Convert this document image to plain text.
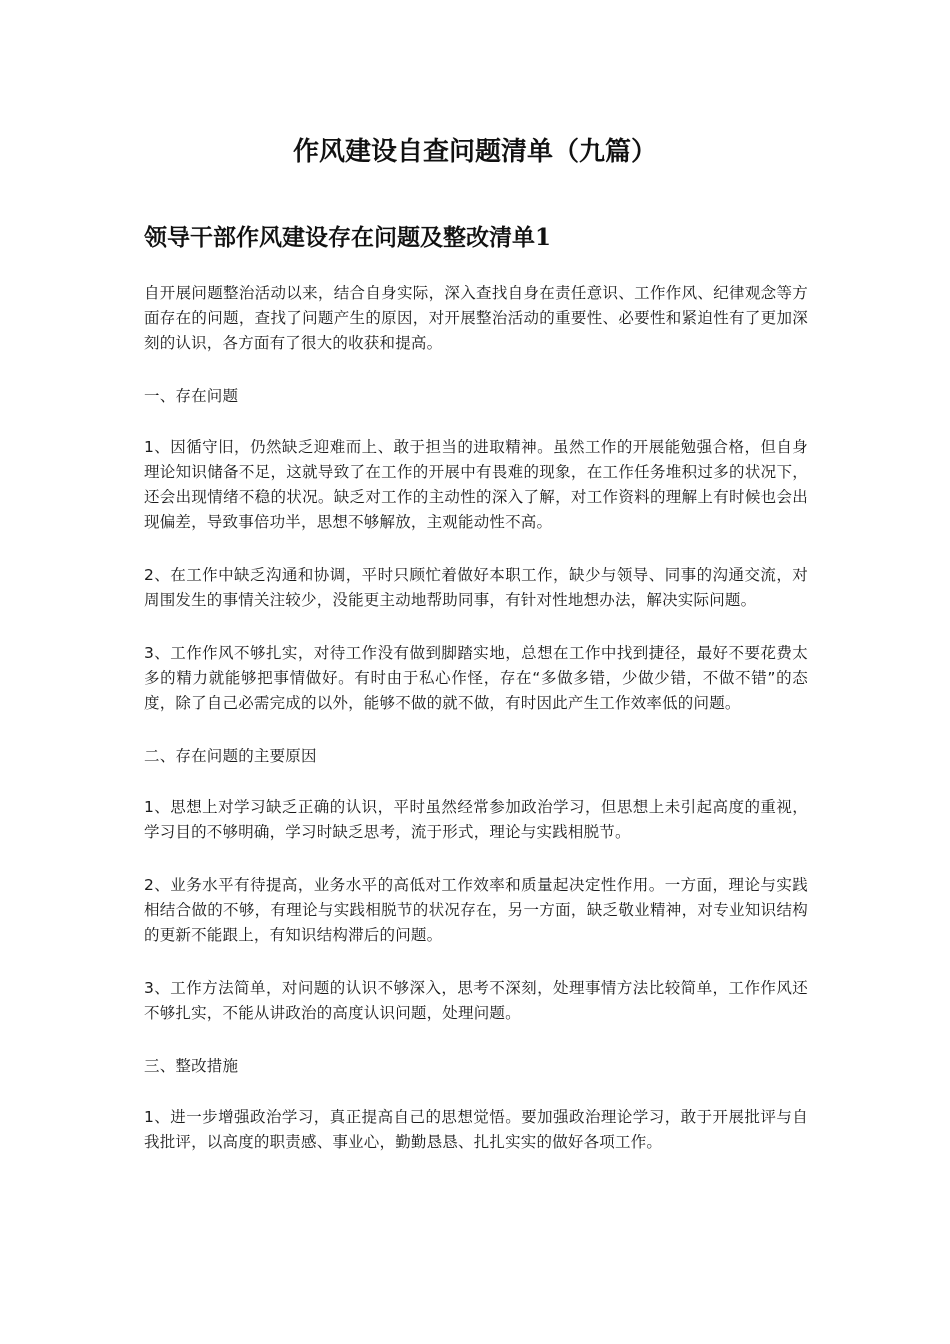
作风建设自查问题清单（九篇）
领导干部作风建设存在问题及整改清单1

自开展问题整治活动以来，结合自身实际，深入查找自身在责任意识、工作作风、纪律观念等方面存在的问题，查找了问题产生的原因，对开展整治活动的重要性、必要性和紧迫性有了更加深刻的认识，各方面有了很大的收获和提高。

一、存在问题

1、因循守旧，仍然缺乏迎难而上、敢于担当的进取精神。虽然工作的开展能勉强合格，但自身理论知识储备不足，这就导致了在工作的开展中有畏难的现象，在工作任务堆积过多的状况下，还会出现情绪不稳的状况。缺乏对工作的主动性的深入了解，对工作资料的理解上有时候也会出现偏差，导致事倍功半，思想不够解放，主观能动性不高。

2、在工作中缺乏沟通和协调，平时只顾忙着做好本职工作，缺少与领导、同事的沟通交流，对周围发生的事情关注较少，没能更主动地帮助同事，有针对性地想办法，解决实际问题。

3、工作作风不够扎实，对待工作没有做到脚踏实地，总想在工作中找到捷径，最好不要花费太多的精力就能够把事情做好。有时由于私心作怪，存在“多做多错，少做少错，不做不错”的态度，除了自己必需完成的以外，能够不做的就不做，有时因此产生工作效率低的问题。

二、存在问题的主要原因

1、思想上对学习缺乏正确的认识，平时虽然经常参加政治学习，但思想上未引起高度的重视，学习目的不够明确，学习时缺乏思考，流于形式，理论与实践相脱节。

2、业务水平有待提高，业务水平的高低对工作效率和质量起决定性作用。一方面，理论与实践相结合做的不够，有理论与实践相脱节的状况存在，另一方面，缺乏敬业精神，对专业知识结构的更新不能跟上，有知识结构滞后的问题。

3、工作方法简单，对问题的认识不够深入，思考不深刻，处理事情方法比较简单，工作作风还不够扎实，不能从讲政治的高度认识问题，处理问题。

三、整改措施

1、进一步增强政治学习，真正提高自己的思想觉悟。要加强政治理论学习，敢于开展批评与自我批评，以高度的职责感、事业心，勤勤恳恳、扎扎实实的做好各项工作。
